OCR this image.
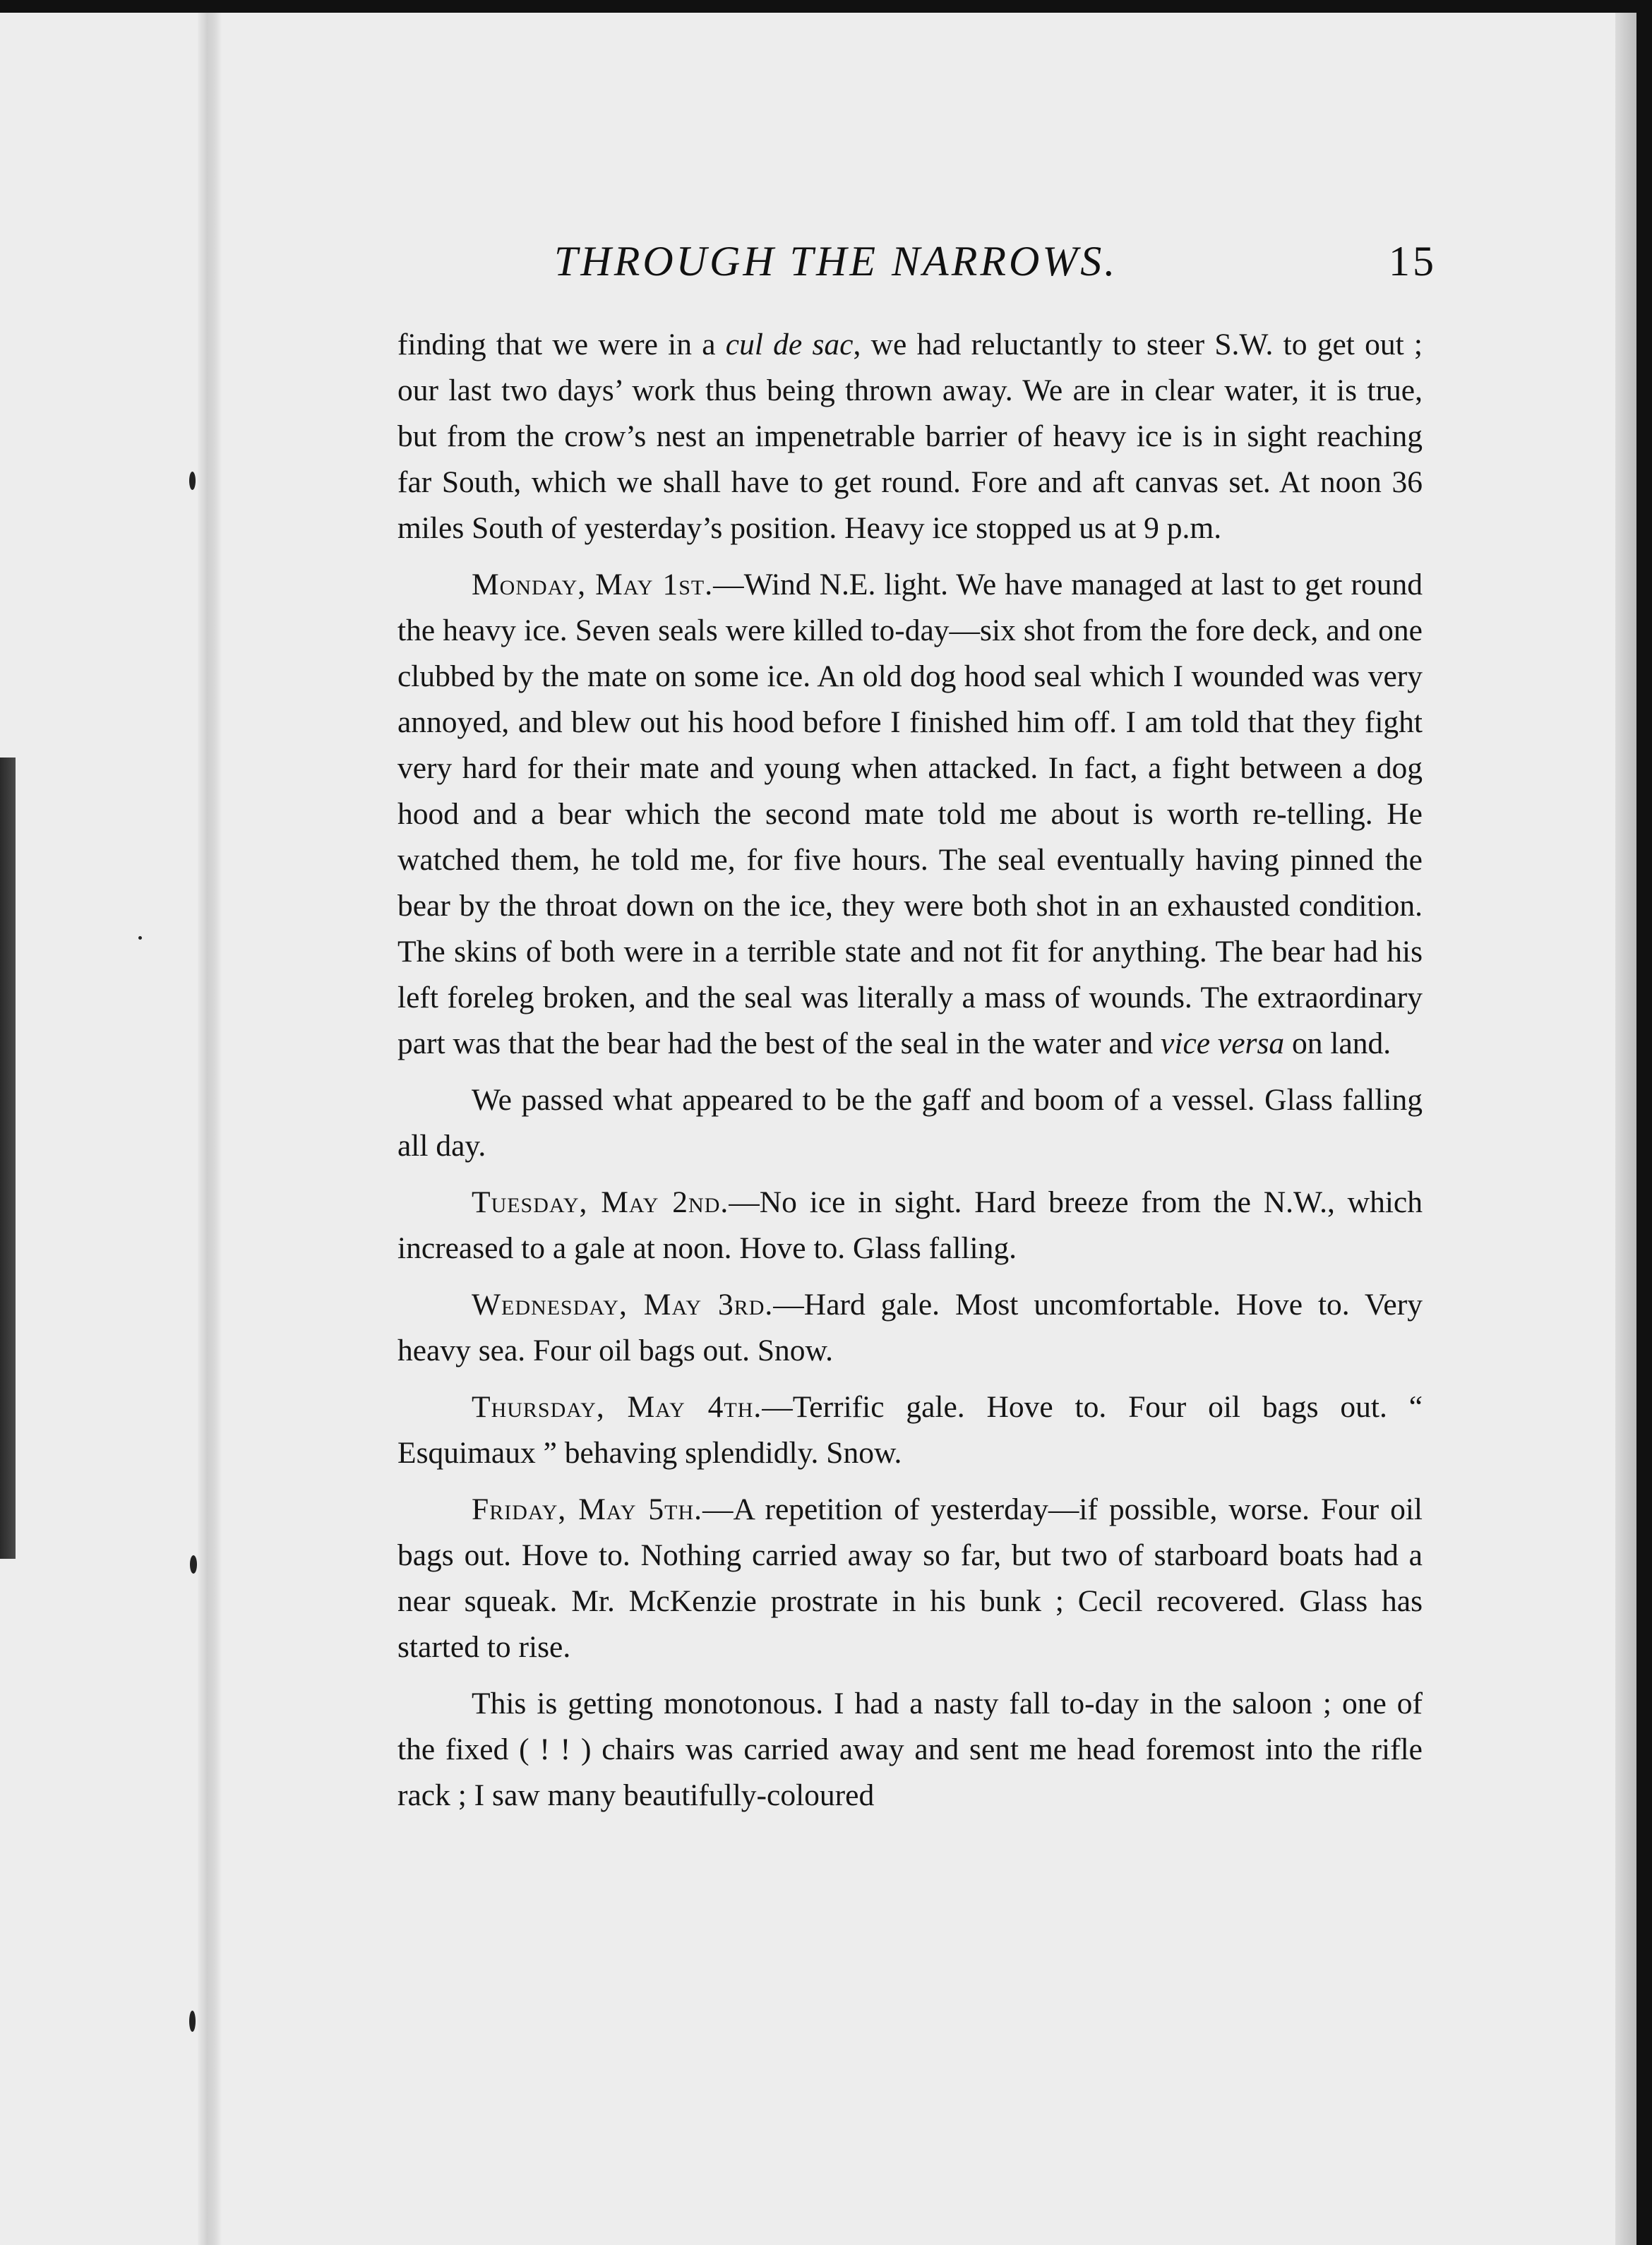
THROUGH THE NARROWS.	15

finding that we were in a cul de sac, we had reluctantly to steer S.W. to get out ; our last two days’ work thus being thrown away. We are in clear water, it is true, but from the crow’s nest an impenetrable barrier of heavy ice is in sight reaching far South, which we shall have to get round. Fore and aft canvas set. At noon 36 miles South of yesterday’s position. Heavy ice stopped us at 9 p.m.

Monday, May 1st.—Wind N.E. light. We have managed at last to get round the heavy ice. Seven seals were killed to-day—six shot from the fore deck, and one clubbed by the mate on some ice. An old dog hood seal which I wounded was very annoyed, and blew out his hood before I finished him off. I am told that they fight very hard for their mate and young when attacked. In fact, a fight between a dog hood and a bear which the second mate told me about is worth re-telling. He watched them, he told me, for five hours. The seal eventually having pinned the bear by the throat down on the ice, they were both shot in an exhausted condition. The skins of both were in a terrible state and not fit for anything. The bear had his left foreleg broken, and the seal was literally a mass of wounds. The extraordinary part was that the bear had the best of the seal in the water and vice versa on land.

We passed what appeared to be the gaff and boom of a vessel. Glass falling all day.

Tuesday, May 2nd.—No ice in sight. Hard breeze from the N.W., which increased to a gale at noon. Hove to. Glass falling.

Wednesday, May 3rd.—Hard gale. Most uncomfortable. Hove to. Very heavy sea. Four oil bags out. Snow.

Thursday, May 4th.—Terrific gale. Hove to. Four oil bags out. “ Esquimaux ” behaving splendidly. Snow.

Friday, May 5th.—A repetition of yesterday—if possible, worse. Four oil bags out. Hove to. Nothing carried away so far, but two of starboard boats had a near squeak. Mr. McKenzie prostrate in his bunk ; Cecil recovered. Glass has started to rise.

This is getting monotonous. I had a nasty fall to-day in the saloon ; one of the fixed ( ! ! ) chairs was carried away and sent me head foremost into the rifle rack ; I saw many beautifully-coloured
